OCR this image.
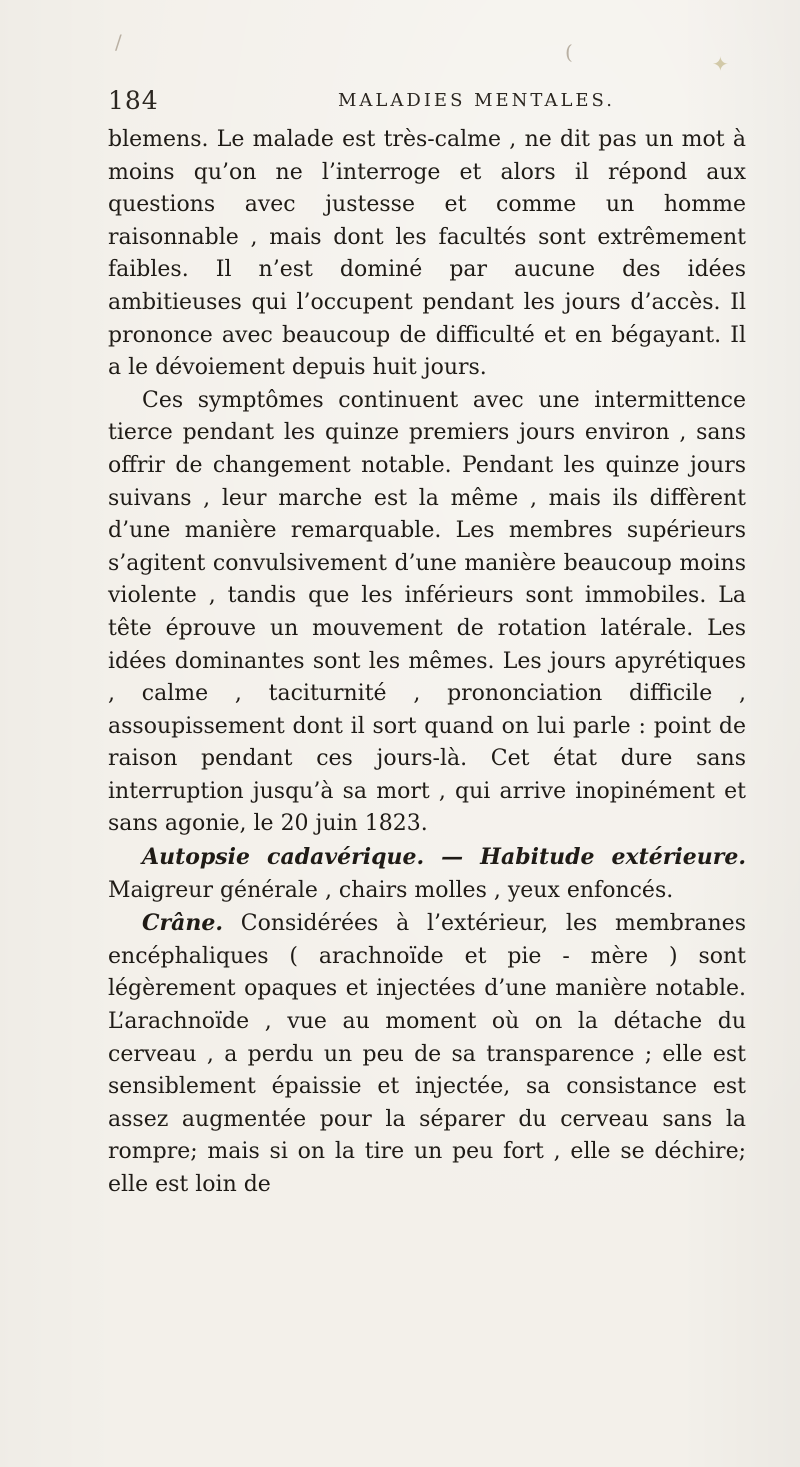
/	(	✦
184	MALADIES MENTALES.

blemens. Le malade est très-calme , ne dit pas un mot à moins qu’on ne l’interroge et alors il répond aux questions avec justesse et comme un homme raisonnable , mais dont les facultés sont extrêmement faibles. Il n’est dominé par aucune des idées ambitieuses qui l’occupent pendant les jours d’accès. Il prononce avec beaucoup de difficulté et en bégayant. Il a le dévoiement depuis huit jours.

Ces symptômes continuent avec une intermittence tierce pendant les quinze premiers jours environ , sans offrir de changement notable. Pendant les quinze jours suivans , leur marche est la même , mais ils diffèrent d’une manière remarquable. Les membres supérieurs s’agitent convulsivement d’une manière beaucoup moins violente , tandis que les inférieurs sont immobiles. La tête éprouve un mouvement de rotation latérale. Les idées dominantes sont les mêmes. Les jours apyrétiques , calme , taciturnité , prononciation difficile , assoupissement dont il sort quand on lui parle : point de raison pendant ces jours-là. Cet état dure sans interruption jusqu’à sa mort , qui arrive inopinément et sans agonie, le 20 juin 1823.

Autopsie cadavérique. — Habitude extérieure. Maigreur générale , chairs molles , yeux enfoncés.

Crâne. Considérées à l’extérieur, les membranes encéphaliques ( arachnoïde et pie - mère ) sont légèrement opaques et injectées d’une manière notable. L’arachnoïde , vue au moment où on la détache du cerveau , a perdu un peu de sa transparence ; elle est sensiblement épaissie et injectée, sa consistance est assez augmentée pour la séparer du cerveau sans la rompre; mais si on la tire un peu fort , elle se déchire; elle est loin de
